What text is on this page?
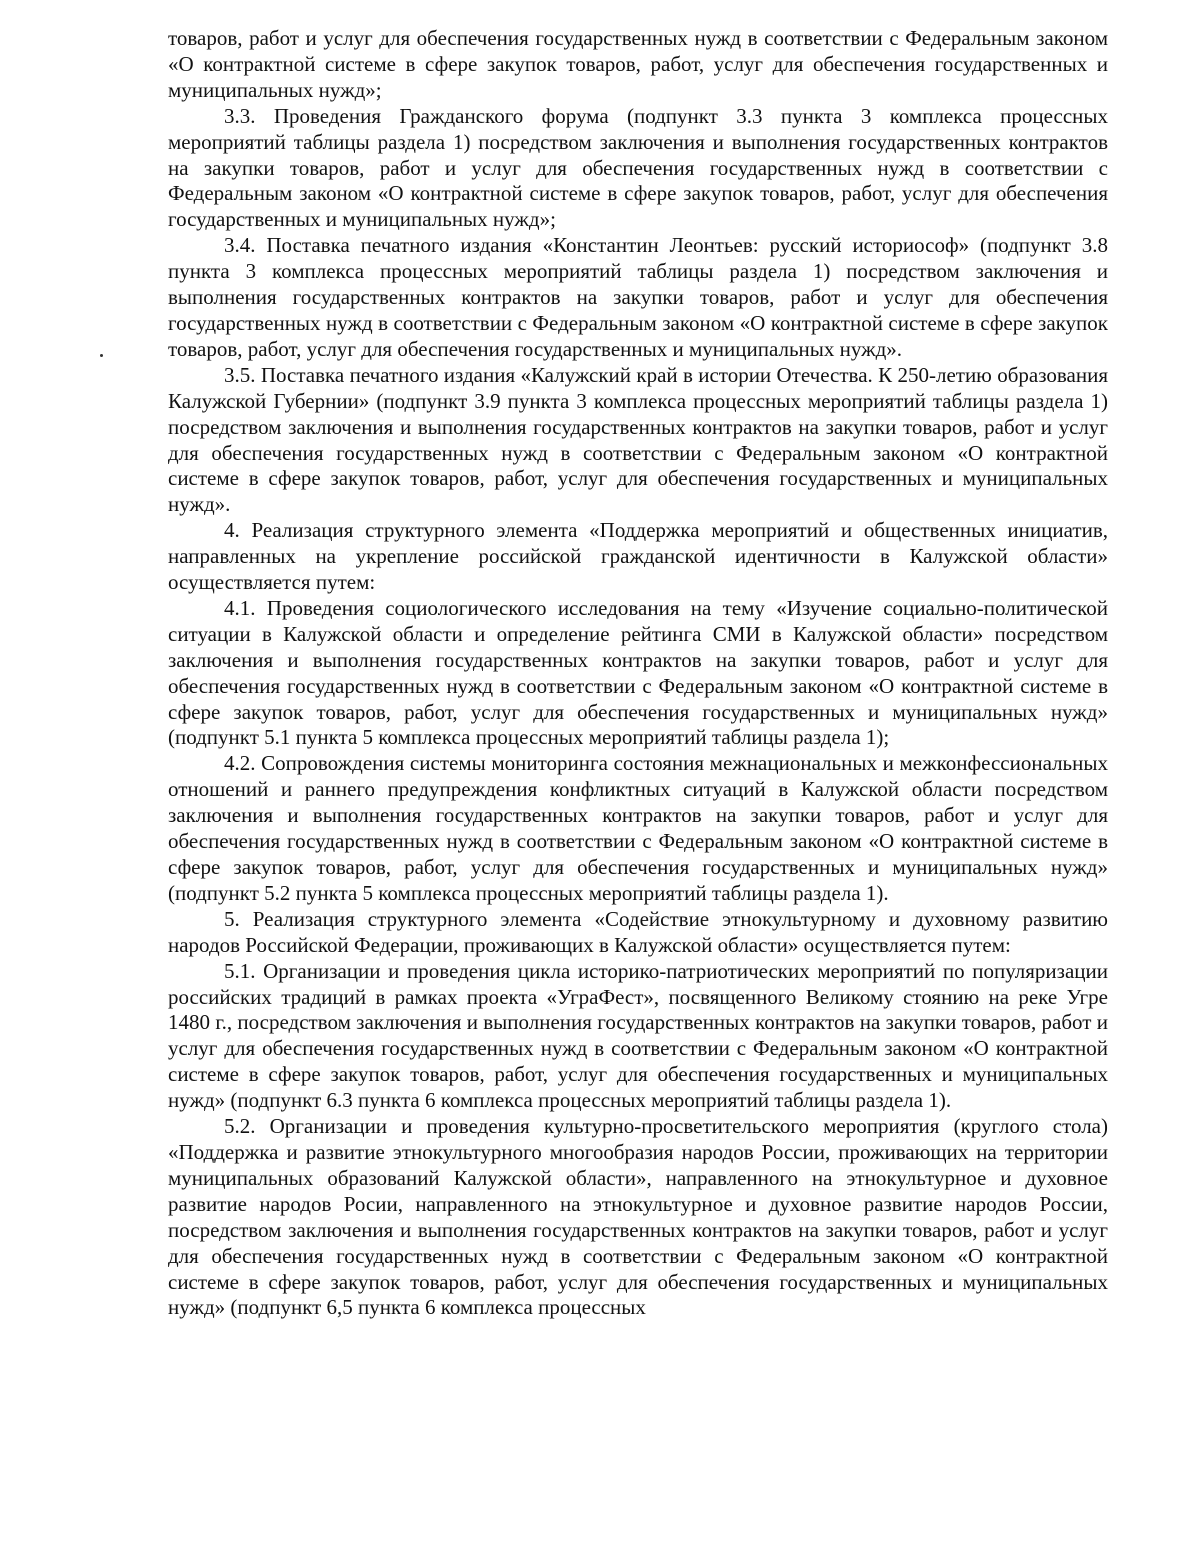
товаров, работ и услуг для обеспечения государственных нужд в соответствии с Федеральным законом «О контрактной системе в сфере закупок товаров, работ, услуг для обеспечения государственных и муниципальных нужд»;

3.3. Проведения Гражданского форума (подпункт 3.3 пункта 3 комплекса процессных мероприятий таблицы раздела 1) посредством заключения и выполнения государственных контрактов на закупки товаров, работ и услуг для обеспечения государственных нужд в соответствии с Федеральным законом «О контрактной системе в сфере закупок товаров, работ, услуг для обеспечения государственных и муниципальных нужд»;

3.4. Поставка печатного издания «Константин Леонтьев: русский историософ» (подпункт 3.8 пункта 3 комплекса процессных мероприятий таблицы раздела 1) посредством заключения и выполнения государственных контрактов на закупки товаров, работ и услуг для обеспечения государственных нужд в соответствии с Федеральным законом «О контрактной системе в сфере закупок товаров, работ, услуг для обеспечения государственных и муниципальных нужд».

3.5. Поставка печатного издания «Калужский край в истории Отечества. К 250-летию образования Калужской Губернии» (подпункт 3.9 пункта 3 комплекса процессных мероприятий таблицы раздела 1) посредством заключения и выполнения государственных контрактов на закупки товаров, работ и услуг для обеспечения государственных нужд в соответствии с Федеральным законом «О контрактной системе в сфере закупок товаров, работ, услуг для обеспечения государственных и муниципальных нужд».

4. Реализация структурного элемента «Поддержка мероприятий и общественных инициатив, направленных на укрепление российской гражданской идентичности в Калужской области» осуществляется путем:

4.1. Проведения социологического исследования на тему «Изучение социально-политической ситуации в Калужской области и определение рейтинга СМИ в Калужской области» посредством заключения и выполнения государственных контрактов на закупки товаров, работ и услуг для обеспечения государственных нужд в соответствии с Федеральным законом «О контрактной системе в сфере закупок товаров, работ, услуг для обеспечения государственных и муниципальных нужд» (подпункт 5.1 пункта 5 комплекса процессных мероприятий таблицы раздела 1);

4.2. Сопровождения системы мониторинга состояния межнациональных и межконфессиональных отношений и раннего предупреждения конфликтных ситуаций в Калужской области посредством заключения и выполнения государственных контрактов на закупки товаров, работ и услуг для обеспечения государственных нужд в соответствии с Федеральным законом «О контрактной системе в сфере закупок товаров, работ, услуг для обеспечения государственных и муниципальных нужд» (подпункт 5.2 пункта 5 комплекса процессных мероприятий таблицы раздела 1).

5. Реализация структурного элемента «Содействие этнокультурному и духовному развитию народов Российской Федерации, проживающих в Калужской области» осуществляется путем:

5.1. Организации и проведения цикла историко-патриотических мероприятий по популяризации российских традиций в рамках проекта «УграФест», посвященного Великому стоянию на реке Угре 1480 г., посредством заключения и выполнения государственных контрактов на закупки товаров, работ и услуг для обеспечения государственных нужд в соответствии с Федеральным законом «О контрактной системе в сфере закупок товаров, работ, услуг для обеспечения государственных и муниципальных нужд» (подпункт 6.3 пункта 6 комплекса процессных мероприятий таблицы раздела 1).

5.2. Организации и проведения культурно-просветительского мероприятия (круглого стола) «Поддержка и развитие этнокультурного многообразия народов России, проживающих на территории муниципальных образований Калужской области», направленного на этнокультурное и духовное развитие народов Росии, направленного на этнокультурное и духовное развитие народов России, посредством заключения и выполнения государственных контрактов на закупки товаров, работ и услуг для обеспечения государственных нужд в соответствии с Федеральным законом «О контрактной системе в сфере закупок товаров, работ, услуг для обеспечения государственных и муниципальных нужд» (подпункт 6,5 пункта 6 комплекса процессных
